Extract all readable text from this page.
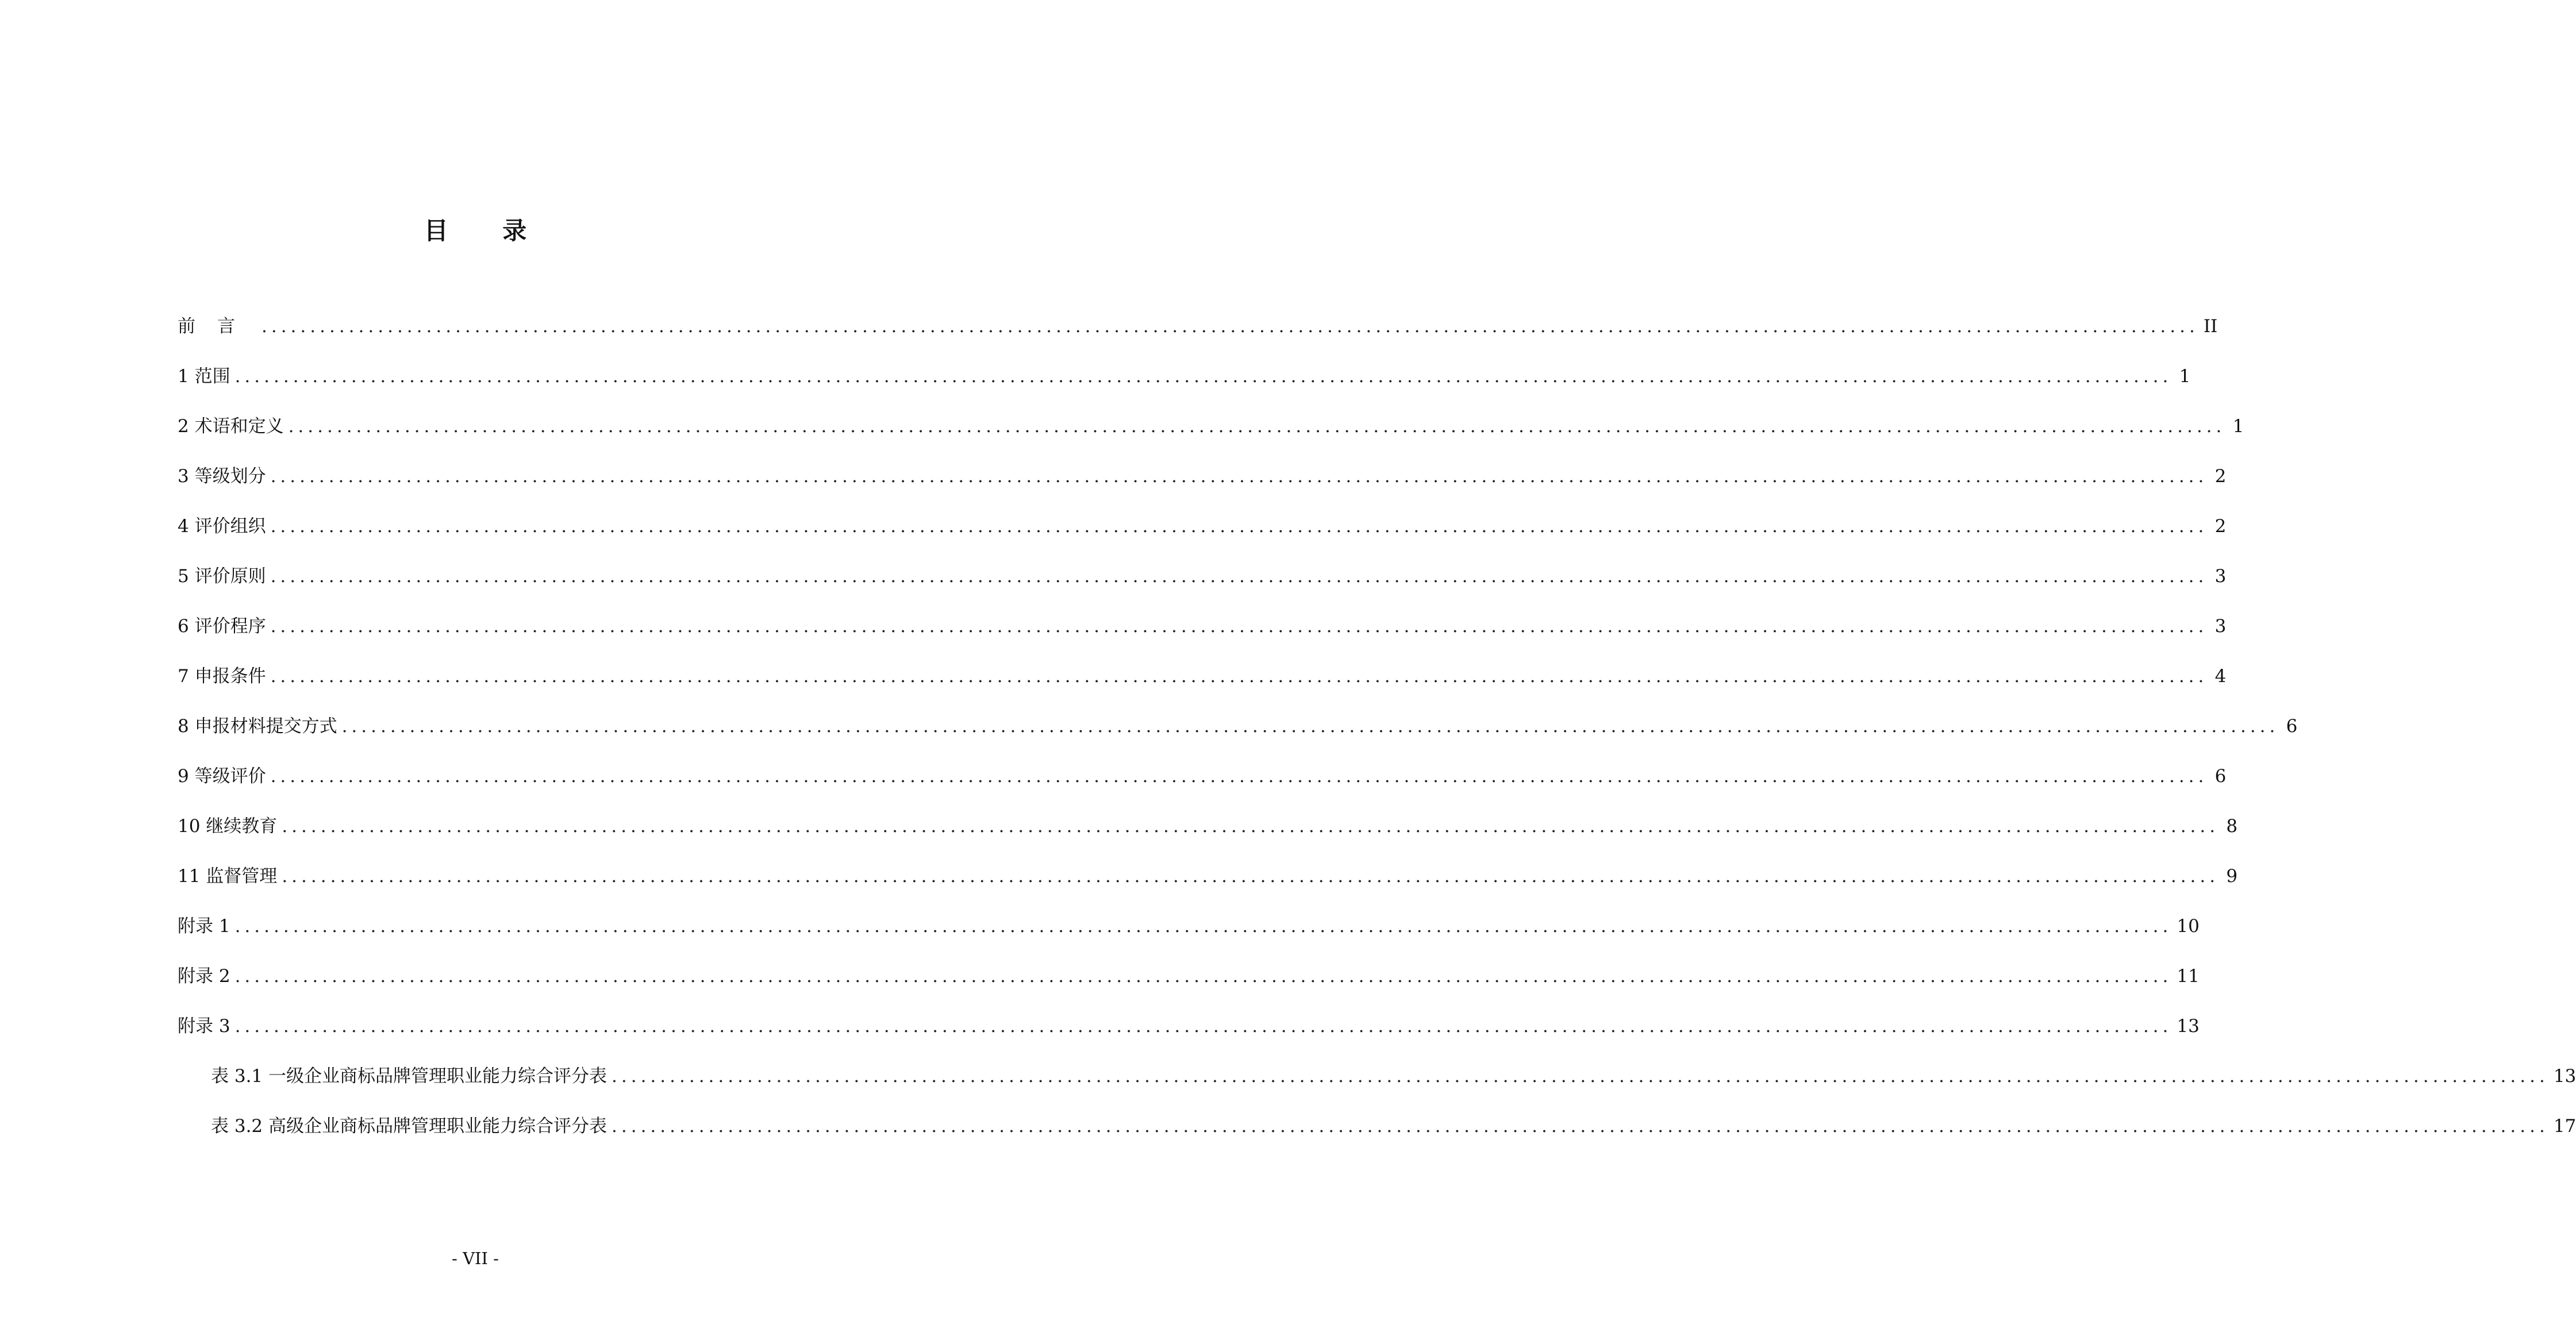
目 录
前言 ........................................................................................................................................................................................................ II
1 范围 ........................................................................................................................................................................................................ 1
2 术语和定义 ........................................................................................................................................................................................................ 1
3 等级划分 ........................................................................................................................................................................................................ 2
4 评价组织 ........................................................................................................................................................................................................ 2
5 评价原则 ........................................................................................................................................................................................................ 3
6 评价程序 ........................................................................................................................................................................................................ 3
7 申报条件 ........................................................................................................................................................................................................ 4
8 申报材料提交方式 ........................................................................................................................................................................................................ 6
9 等级评价 ........................................................................................................................................................................................................ 6
10 继续教育 ........................................................................................................................................................................................................ 8
11 监督管理 ........................................................................................................................................................................................................ 9
附录 1 ........................................................................................................................................................................................................ 10
附录 2 ........................................................................................................................................................................................................ 11
附录 3 ........................................................................................................................................................................................................ 13
表 3.1 一级企业商标品牌管理职业能力综合评分表 ........................................................................................................................................................................................................ 13
表 3.2 高级企业商标品牌管理职业能力综合评分表 ........................................................................................................................................................................................................ 17
- VII -
